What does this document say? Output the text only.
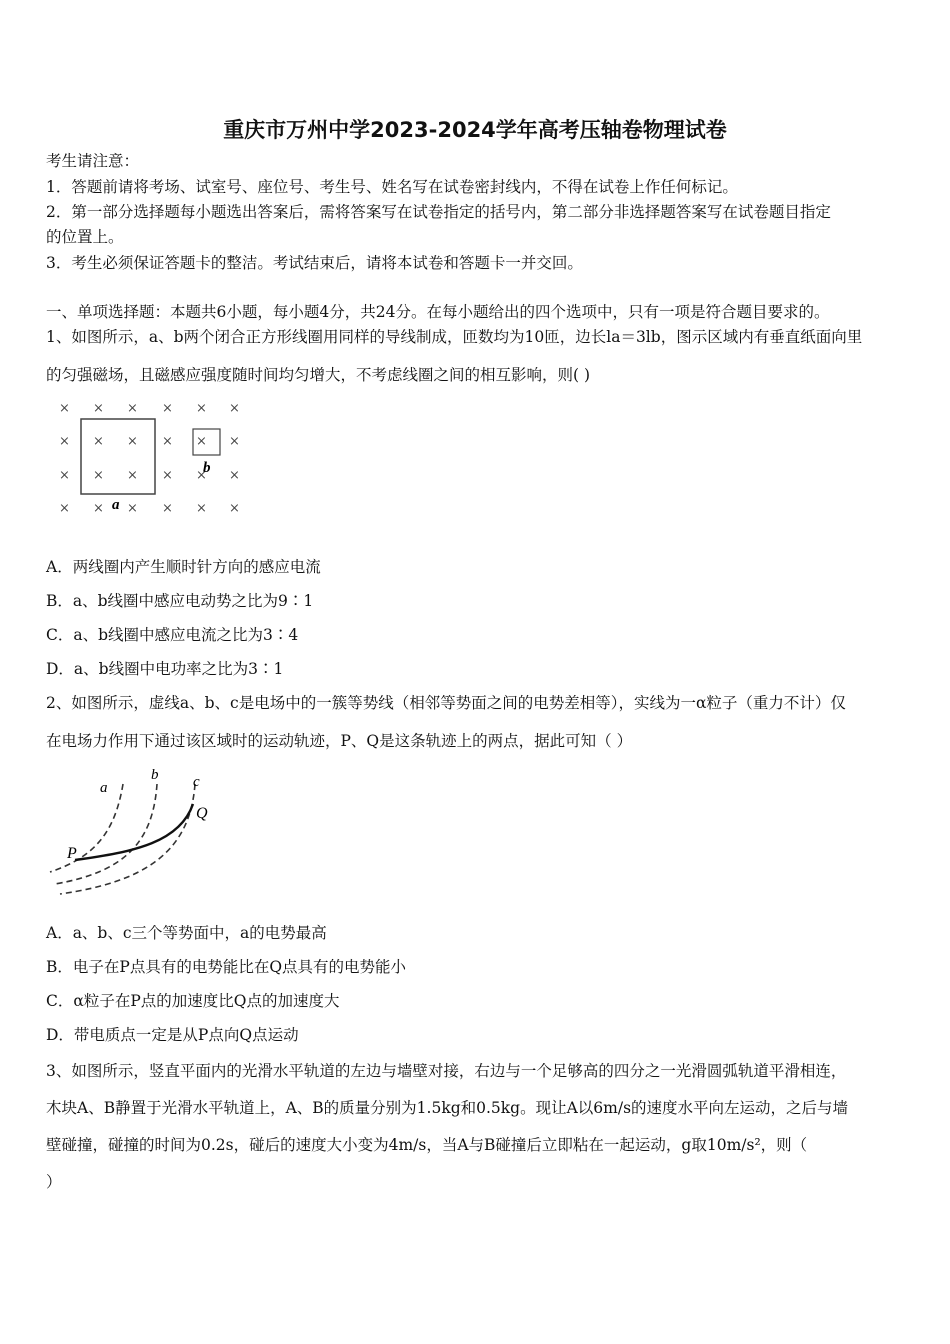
重庆市万州中学2023-2024学年高考压轴卷物理试卷
考生请注意：
1．答题前请将考场、试室号、座位号、考生号、姓名写在试卷密封线内，不得在试卷上作任何标记。
2．第一部分选择题每小题选出答案后，需将答案写在试卷指定的括号内，第二部分非选择题答案写在试卷题目指定
的位置上。
3．考生必须保证答题卡的整洁。考试结束后，请将本试卷和答题卡一并交回。
一、单项选择题：本题共6小题，每小题4分，共24分。在每小题给出的四个选项中，只有一项是符合题目要求的。
1、如图所示，a、b两个闭合正方形线圈用同样的导线制成，匝数均为10匝，边长la＝3lb，图示区域内有垂直纸面向里
的匀强磁场，且磁感应强度随时间均匀增大，不考虑线圈之间的相互影响，则( )
×
×
×
×
×
×
×
×
×
×
×
×
×
×
×
×
×
×
×
×
×
×
×
×
a
b
A．两线圈内产生顺时针方向的感应电流
B．a、b线圈中感应电动势之比为9∶1
C．a、b线圈中感应电流之比为3∶4
D．a、b线圈中电功率之比为3∶1
2、如图所示，虚线a、b、c是电场中的一簇等势线（相邻等势面之间的电势差相等），实线为一α粒子（重力不计）仅
在电场力作用下通过该区域时的运动轨迹，P、Q是这条轨迹上的两点，据此可知（ ）
a
b c
P
Q
A．a、b、c三个等势面中，a的电势最高
B．电子在P点具有的电势能比在Q点具有的电势能小
C．α粒子在P点的加速度比Q点的加速度大
D．带电质点一定是从P点向Q点运动
3、如图所示，竖直平面内的光滑水平轨道的左边与墙壁对接，右边与一个足够高的四分之一光滑圆弧轨道平滑相连，
木块A、B静置于光滑水平轨道上，A、B的质量分别为1.5kg和0.5kg。现让A以6m/s的速度水平向左运动，之后与墙
壁碰撞，碰撞的时间为0.2s，碰后的速度大小变为4m/s，当A与B碰撞后立即粘在一起运动，g取10m/s²，则（
）
